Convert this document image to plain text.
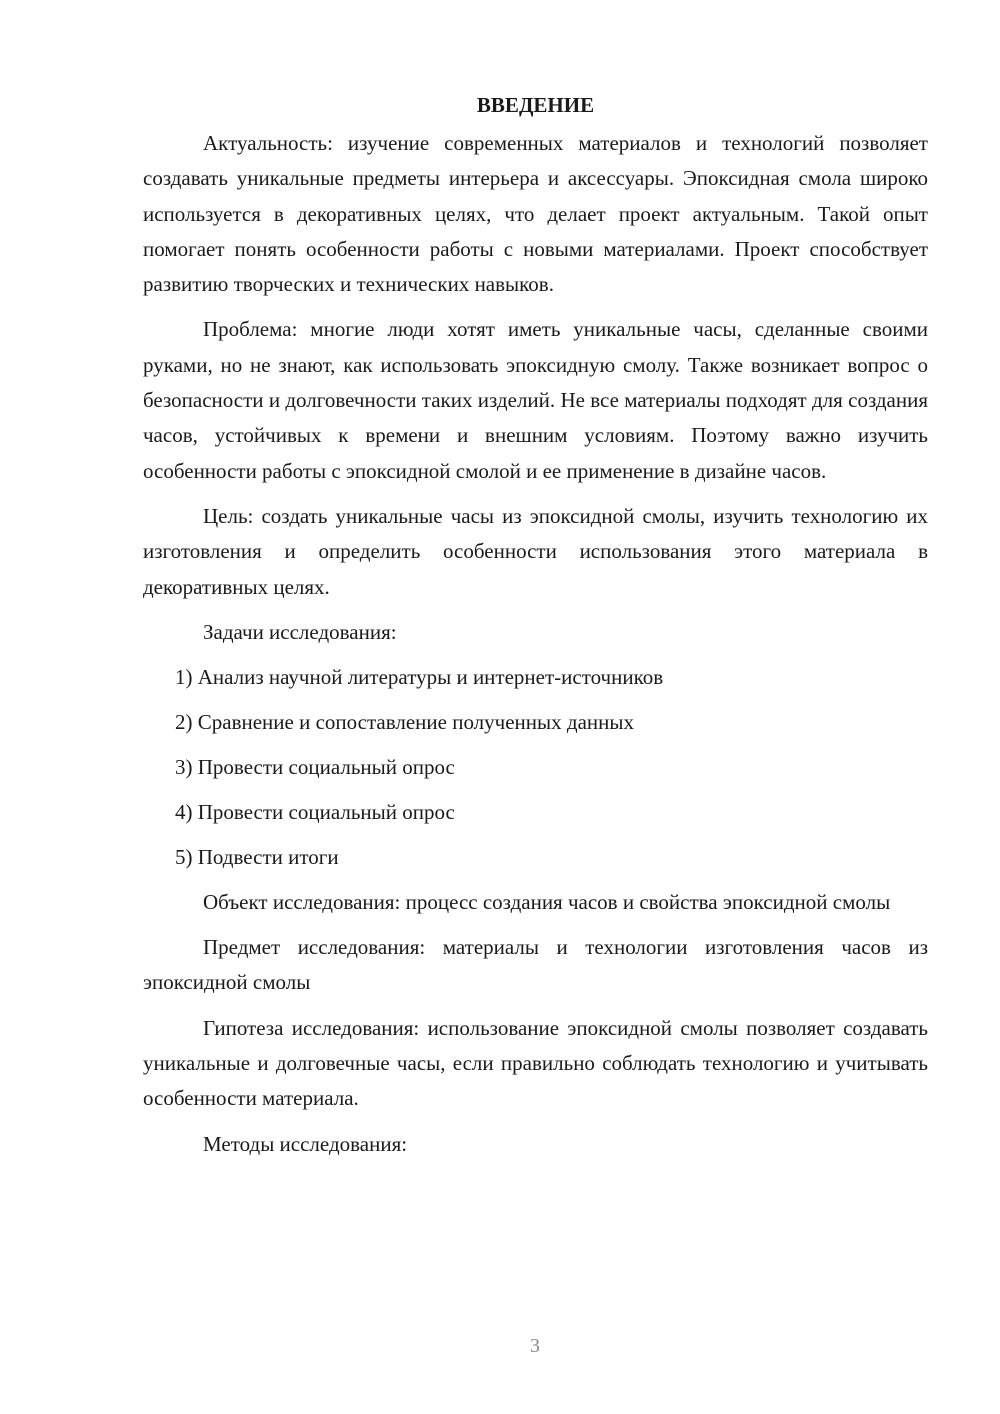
ВВЕДЕНИЕ

Актуальность: изучение современных материалов и технологий позволяет создавать уникальные предметы интерьера и аксессуары. Эпоксидная смола широко используется в декоративных целях, что делает проект актуальным. Такой опыт помогает понять особенности работы с новыми материалами. Проект способствует развитию творческих и технических навыков.

Проблема: многие люди хотят иметь уникальные часы, сделанные своими руками, но не знают, как использовать эпоксидную смолу. Также возникает вопрос о безопасности и долговечности таких изделий. Не все материалы подходят для создания часов, устойчивых к времени и внешним условиям. Поэтому важно изучить особенности работы с эпоксидной смолой и ее применение в дизайне часов.

Цель: создать уникальные часы из эпоксидной смолы, изучить технологию их изготовления и определить особенности использования этого материала в декоративных целях.

Задачи исследования:
1) Анализ научной литературы и интернет-источников
2) Сравнение и сопоставление полученных данных
3) Провести социальный опрос
4) Провести социальный опрос
5) Подвести итоги

Объект исследования: процесс создания часов и свойства эпоксидной смолы

Предмет исследования: материалы и технологии изготовления часов из эпоксидной смолы

Гипотеза исследования: использование эпоксидной смолы позволяет создавать уникальные и долговечные часы, если правильно соблюдать технологию и учитывать особенности материала.

Методы исследования:

3
